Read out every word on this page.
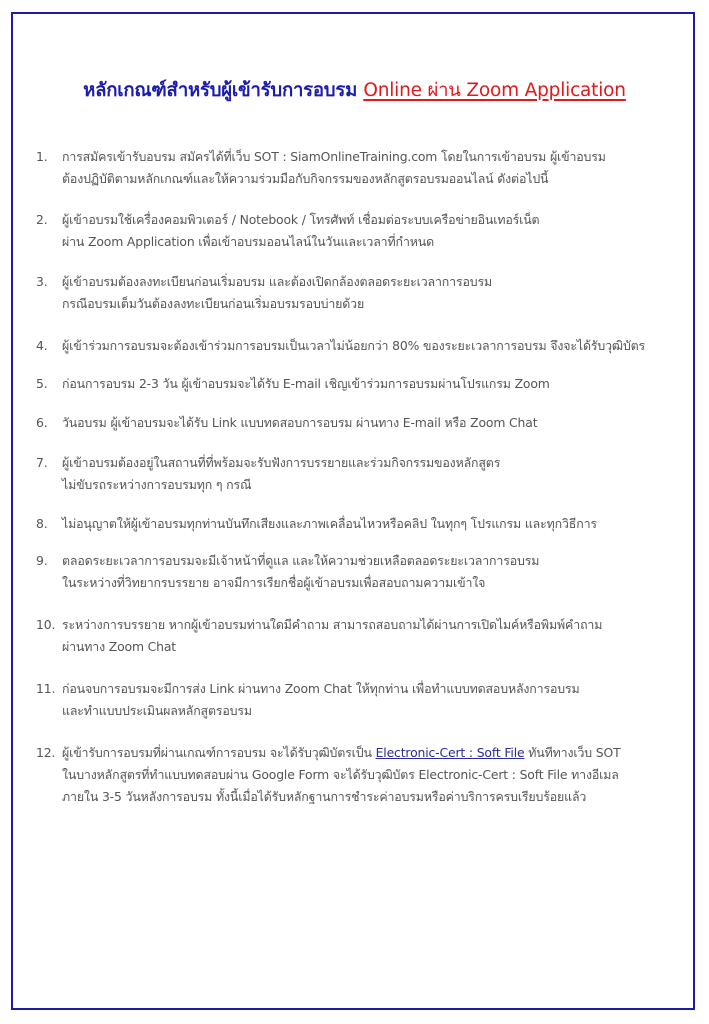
หลักเกณฑ์สำหรับผู้เข้ารับการอบรม Online ผ่าน Zoom Application
1.	การสมัครเข้ารับอบรม สมัครได้ที่เว็บ SOT : SiamOnlineTraining.com โดยในการเข้าอบรม ผู้เข้าอบรม
ต้องปฏิบัติตามหลักเกณฑ์และให้ความร่วมมือกับกิจกรรมของหลักสูตรอบรมออนไลน์ ดังต่อไปนี้
2.	ผู้เข้าอบรมใช้เครื่องคอมพิวเตอร์ / Notebook / โทรศัพท์ เชื่อมต่อระบบเครือข่ายอินเทอร์เน็ต
ผ่าน Zoom Application เพื่อเข้าอบรมออนไลน์ในวันและเวลาที่กำหนด
3.	ผู้เข้าอบรมต้องลงทะเบียนก่อนเริ่มอบรม และต้องเปิดกล้องตลอดระยะเวลาการอบรม
กรณีอบรมเต็มวันต้องลงทะเบียนก่อนเริ่มอบรมรอบบ่ายด้วย
4.	ผู้เข้าร่วมการอบรมจะต้องเข้าร่วมการอบรมเป็นเวลาไม่น้อยกว่า 80% ของระยะเวลาการอบรม จึงจะได้รับวุฒิบัตร
5.	ก่อนการอบรม 2-3 วัน ผู้เข้าอบรมจะได้รับ E-mail เชิญเข้าร่วมการอบรมผ่านโปรแกรม Zoom
6.	วันอบรม ผู้เข้าอบรมจะได้รับ Link แบบทดสอบการอบรม ผ่านทาง E-mail หรือ Zoom Chat
7.	ผู้เข้าอบรมต้องอยู่ในสถานที่ที่พร้อมจะรับฟังการบรรยายและร่วมกิจกรรมของหลักสูตร
ไม่ขับรถระหว่างการอบรมทุก ๆ กรณี
8.	ไม่อนุญาตให้ผู้เข้าอบรมทุกท่านบันทึกเสียงและภาพเคลื่อนไหวหรือคลิป ในทุกๆ โปรแกรม และทุกวิธีการ
9.	ตลอดระยะเวลาการอบรมจะมีเจ้าหน้าที่ดูแล และให้ความช่วยเหลือตลอดระยะเวลาการอบรม
ในระหว่างที่วิทยากรบรรยาย อาจมีการเรียกชื่อผู้เข้าอบรมเพื่อสอบถามความเข้าใจ
10. ระหว่างการบรรยาย หากผู้เข้าอบรมท่านใดมีคำถาม สามารถสอบถามได้ผ่านการเปิดไมค์หรือพิมพ์คำถาม
ผ่านทาง Zoom Chat
11. ก่อนจบการอบรมจะมีการส่ง Link ผ่านทาง Zoom Chat ให้ทุกท่าน เพื่อทำแบบทดสอบหลังการอบรม
และทำแบบประเมินผลหลักสูตรอบรม
12. ผู้เข้ารับการอบรมที่ผ่านเกณฑ์การอบรม จะได้รับวุฒิบัตรเป็น Electronic-Cert : Soft File ทันทีทางเว็บ SOT
ในบางหลักสูตรที่ทำแบบทดสอบผ่าน Google Form จะได้รับวุฒิบัตร Electronic-Cert : Soft File ทางอีเมล
ภายใน 3-5 วันหลังการอบรม ทั้งนี้เมื่อได้รับหลักฐานการชำระค่าอบรมหรือค่าบริการครบเรียบร้อยแล้ว
